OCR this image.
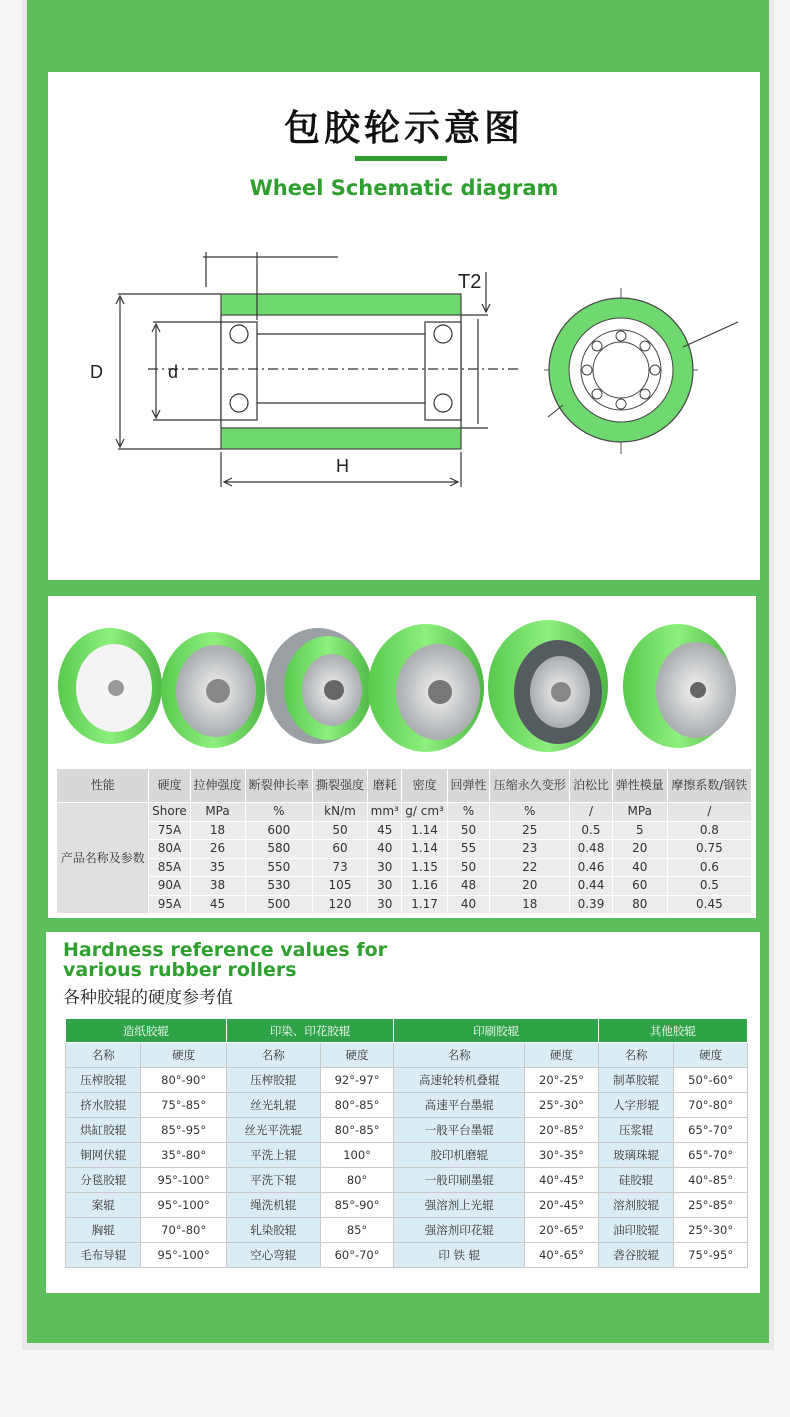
包胶轮示意图
Wheel Schematic diagram
T2
D	d
H
性能	硬度	拉伸强度	断裂伸长率	撕裂强度	磨耗	密度	回弹性	压缩永久变形	泊松比	弹性模量	摩擦系数/钢铁
产品名称及参数	Shore	MPa	%	kN/m	mm³	g/ cm³	%	%	/	MPa	/
	75A	18	600	50	45	1.14	50	25	0.5	5	0.8
	80A	26	580	60	40	1.14	55	23	0.48	20	0.75
	85A	35	550	73	30	1.15	50	22	0.46	40	0.6
	90A	38	530	105	30	1.16	48	20	0.44	60	0.5
	95A	45	500	120	30	1.17	40	18	0.39	80	0.45
Hardness reference values for
various rubber rollers
各种胶辊的硬度参考值
造纸胶辊		印染、印花胶辊		印刷胶辊		其他胶辊	
名称	硬度	名称	硬度	名称	硬度	名称	硬度
压榨胶辊	80°-90°	压榨胶辊	92°-97°	高速轮转机叠辊	20°-25°	制革胶辊	50°-60°
挤水胶辊	75°-85°	丝光轧辊	80°-85°	高速平台墨辊	25°-30°	人字形辊	70°-80°
烘缸胶辊	85°-95°	丝光平洗辊	80°-85°	一般平台墨辊	20°-85°	压浆辊	65°-70°
铜网伏辊	35°-80°	平洗上辊	100°	胶印机磨辊	30°-35°	玻璃珠辊	65°-70°
分毯胶辊	95°-100°	平洗下辊	80°	一般印刷墨辊	40°-45°	硅胶辊	40°-85°
案辊	95°-100°	绳洗机辊	85°-90°	强溶剂上光辊	20°-45°	溶剂胶辊	25°-85°
胸辊	70°-80°	轧染胶辊	85°	强溶剂印花辊	20°-65°	油印胶辊	25°-30°
毛布导辊	95°-100°	空心弯辊	60°-70°	印 铁 辊	40°-65°	砻谷胶辊	75°-95°
